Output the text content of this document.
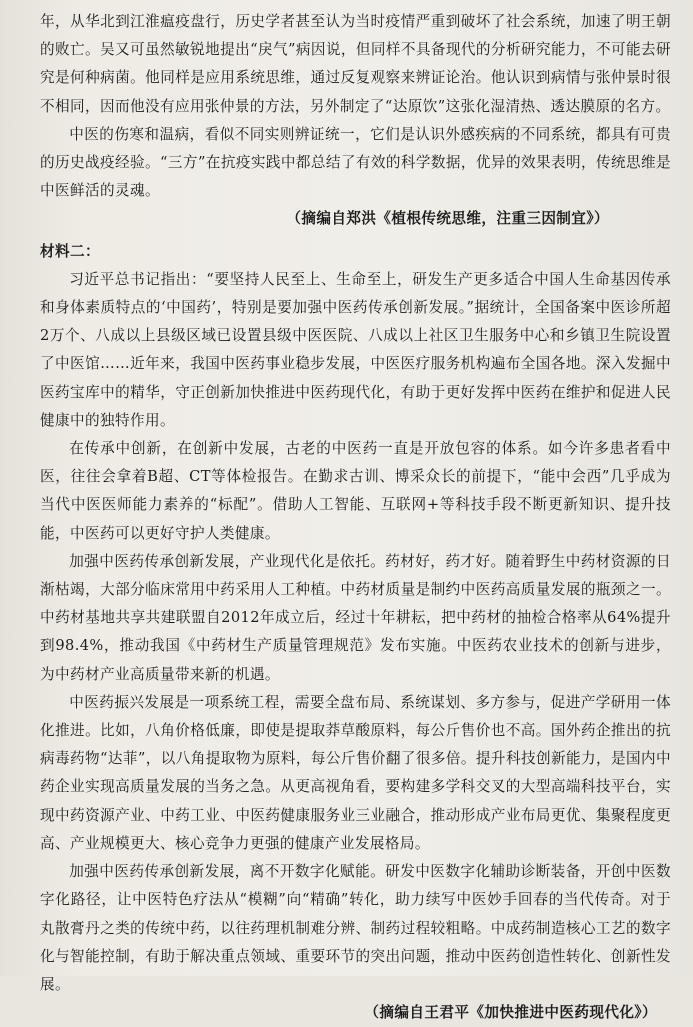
年，从华北到江淮瘟疫盘行，历史学者甚至认为当时疫情严重到破坏了社会系统，加速了明王朝的败亡。吴又可虽然敏锐地提出“戾气”病因说，但同样不具备现代的分析研究能力，不可能去研究是何种病菌。他同样是应用系统思维，通过反复观察来辨证论治。他认识到病情与张仲景时很不相同，因而他没有应用张仲景的方法，另外制定了“达原饮”这张化湿清热、透达膜原的名方。

中医的伤寒和温病，看似不同实则辨证统一，它们是认识外感疾病的不同系统，都具有可贵的历史战疫经验。“三方”在抗疫实践中都总结了有效的科学数据，优异的效果表明，传统思维是中医鲜活的灵魂。

（摘编自郑洪《植根传统思维，注重三因制宜》）

材料二：

习近平总书记指出：“要坚持人民至上、生命至上，研发生产更多适合中国人生命基因传承和身体素质特点的‘中国药’，特别是要加强中医药传承创新发展。”据统计，全国备案中医诊所超2万个、八成以上县级区域已设置县级中医医院、八成以上社区卫生服务中心和乡镇卫生院设置了中医馆……近年来，我国中医药事业稳步发展，中医医疗服务机构遍布全国各地。深入发掘中医药宝库中的精华，守正创新加快推进中医药现代化，有助于更好发挥中医药在维护和促进人民健康中的独特作用。

在传承中创新，在创新中发展，古老的中医药一直是开放包容的体系。如今许多患者看中医，往往会拿着B超、CT等体检报告。在勤求古训、博采众长的前提下，“能中会西”几乎成为当代中医医师能力素养的“标配”。借助人工智能、互联网+等科技手段不断更新知识、提升技能，中医药可以更好守护人类健康。

加强中医药传承创新发展，产业现代化是依托。药材好，药才好。随着野生中药材资源的日渐枯竭，大部分临床常用中药采用人工种植。中药材质量是制约中医药高质量发展的瓶颈之一。中药材基地共享共建联盟自2012年成立后，经过十年耕耘，把中药材的抽检合格率从64%提升到98.4%，推动我国《中药材生产质量管理规范》发布实施。中医药农业技术的创新与进步，为中药材产业高质量带来新的机遇。

中医药振兴发展是一项系统工程，需要全盘布局、系统谋划、多方参与，促进产学研用一体化推进。比如，八角价格低廉，即使是提取莽草酸原料，每公斤售价也不高。国外药企推出的抗病毒药物“达菲”，以八角提取物为原料，每公斤售价翻了很多倍。提升科技创新能力，是国内中药企业实现高质量发展的当务之急。从更高视角看，要构建多学科交叉的大型高端科技平台，实现中药资源产业、中药工业、中医药健康服务业三业融合，推动形成产业布局更优、集聚程度更高、产业规模更大、核心竞争力更强的健康产业发展格局。

加强中医药传承创新发展，离不开数字化赋能。研发中医数字化辅助诊断装备，开创中医数字化路径，让中医特色疗法从“模糊”向“精确”转化，助力续写中医妙手回春的当代传奇。对于丸散膏丹之类的传统中药，以往药理机制难分辨、制药过程较粗略。中成药制造核心工艺的数字化与智能控制，有助于解决重点领域、重要环节的突出问题，推动中医药创造性转化、创新性发展。

（摘编自王君平《加快推进中医药现代化》）
